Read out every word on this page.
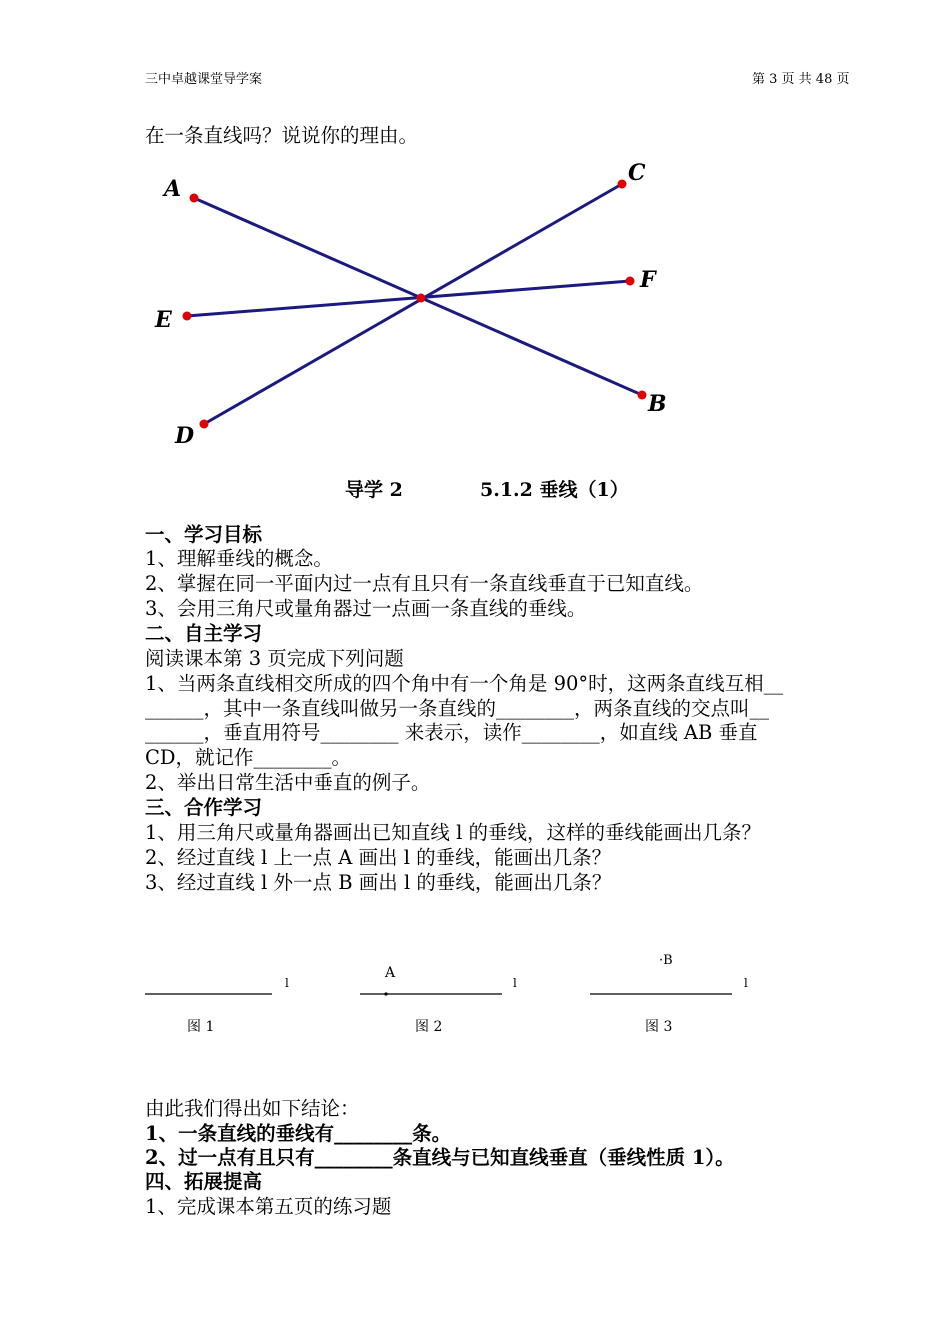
三中卓越课堂导学案	第 3 页 共 48 页
在一条直线吗？说说你的理由。
A
C
F
E
B
D
导学 2	5.1.2 垂线（1）
一、学习目标
1、理解垂线的概念。
2、掌握在同一平面内过一点有且只有一条直线垂直于已知直线。
3、会用三角尺或量角器过一点画一条直线的垂线。
二、自主学习
阅读课本第 3 页完成下列问题
1、当两条直线相交所成的四个角中有一个角是 90°时，这两条直线互相__
______，其中一条直线叫做另一条直线的________，两条直线的交点叫__
______，垂直用符号________ 来表示，读作________，如直线 AB 垂直
CD，就记作________。
2、举出日常生活中垂直的例子。
三、合作学习
1、用三角尺或量角器画出已知直线 l 的垂线，这样的垂线能画出几条？
2、经过直线 l 上一点 A 画出 l 的垂线，能画出几条？
3、经过直线 l 外一点 B 画出 l 的垂线，能画出几条？
l	l	l
A
·B
图 1	图 2	图 3
由此我们得出如下结论：
1、一条直线的垂线有________条。
2、过一点有且只有________条直线与已知直线垂直（垂线性质 1）。
四、拓展提高
1、完成课本第五页的练习题
